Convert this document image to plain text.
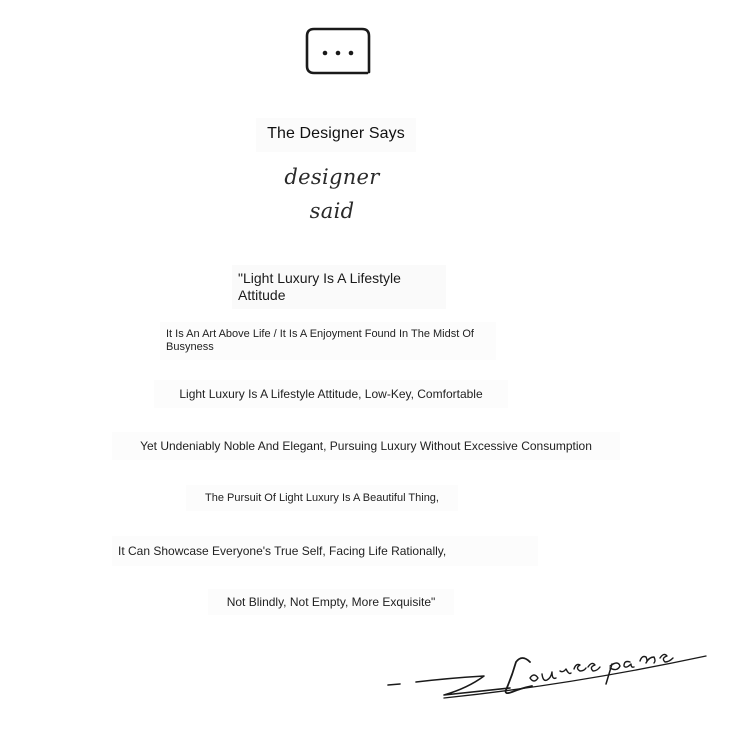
The Designer Says
designer said
"Light Luxury Is A Lifestyle Attitude
It Is An Art Above Life / It Is A Enjoyment Found In The Midst Of Busyness
Light Luxury Is A Lifestyle Attitude, Low-Key, Comfortable
Yet Undeniably Noble And Elegant, Pursuing Luxury Without Excessive Consumption
The Pursuit Of Light Luxury Is A Beautiful Thing,
It Can Showcase Everyone's True Self, Facing Life Rationally,
Not Blindly, Not Empty, More Exquisite"
